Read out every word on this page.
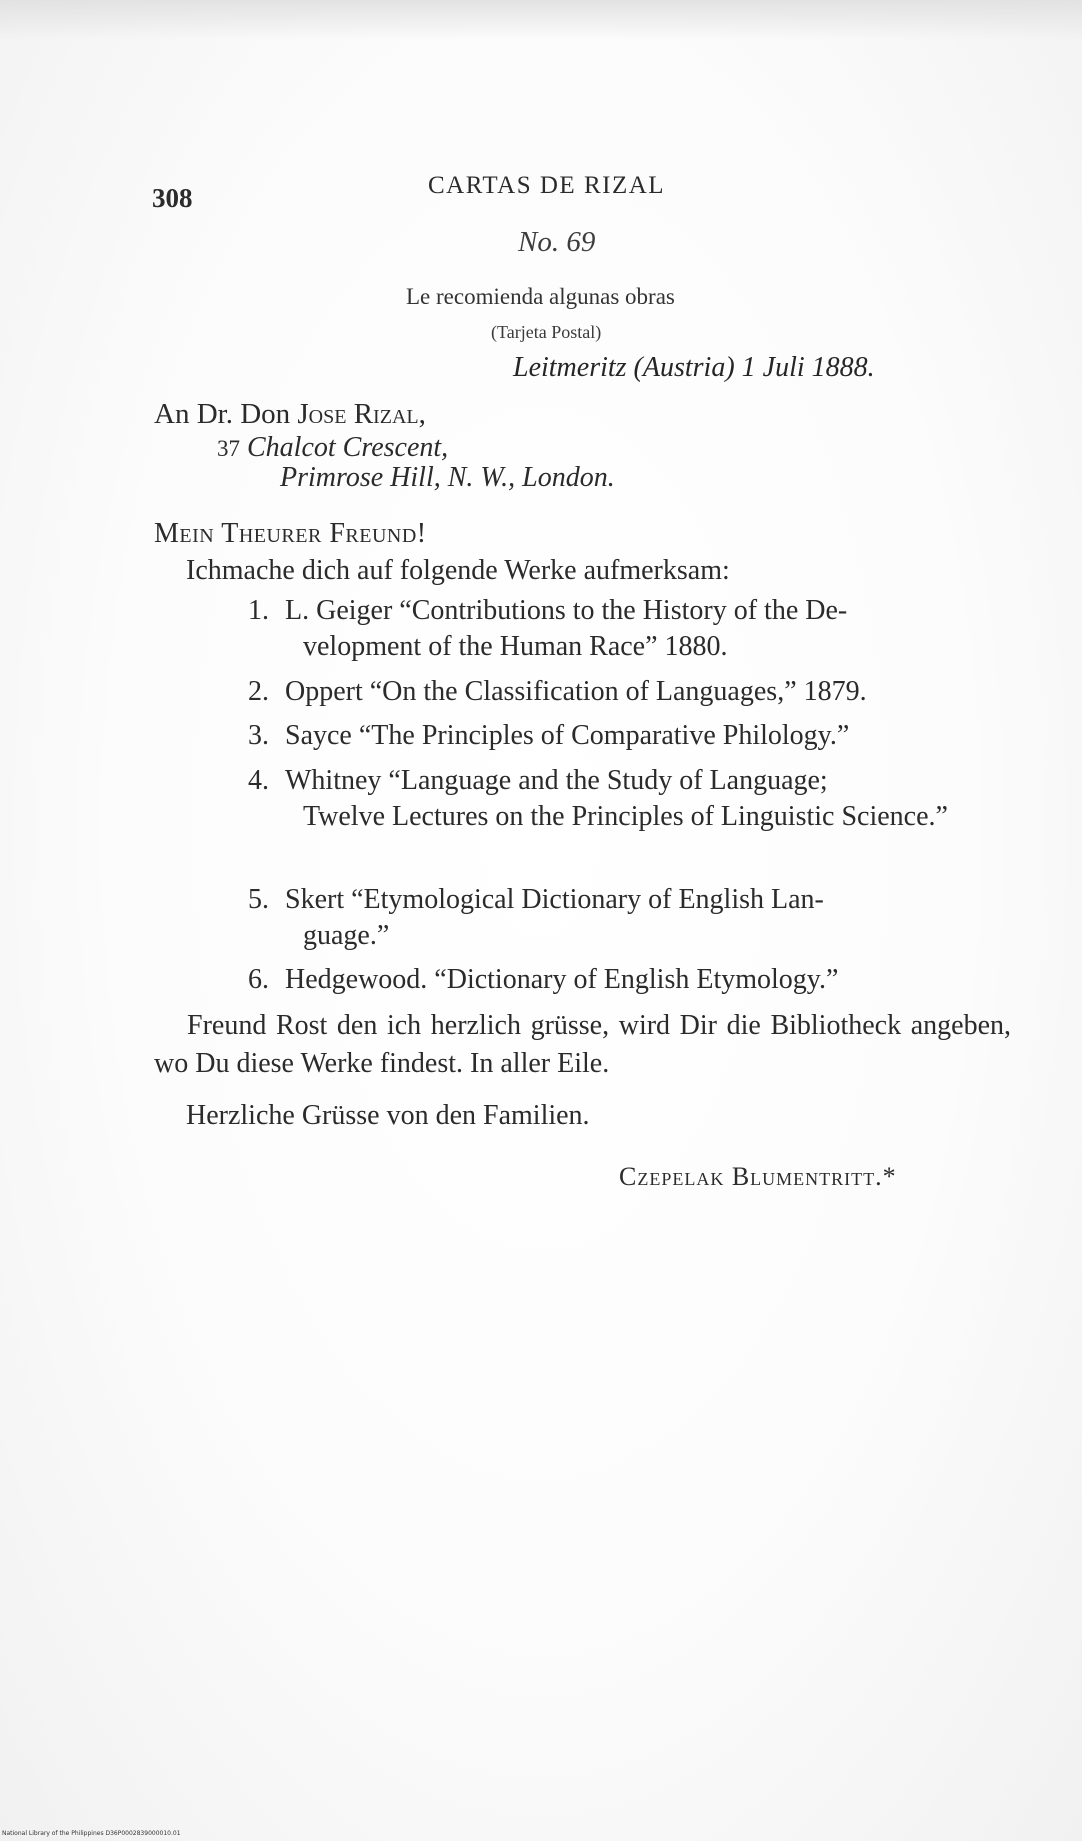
308	CARTAS DE RIZAL
No. 69
Le recomienda algunas obras
(Tarjeta Postal)
Leitmeritz (Austria) 1 Juli 1888.
An Dr. Don Jose Rizal,
37 Chalcot Crescent,
Primrose Hill, N. W., London.
Mein Theurer Freund!
Ichmache dich auf folgende Werke aufmerksam:
1. L. Geiger “Contributions to the History of the De-
velopment of the Human Race” 1880.
2. Oppert “On the Classification of Languages,” 1879.
3. Sayce “The Principles of Comparative Philology.”
4. Whitney “Language and the Study of Language;
Twelve Lectures on the Principles of Linguistic Science.”
5. Skert “Etymological Dictionary of English Lan-
guage.”
6. Hedgewood. “Dictionary of English Etymology.”
Freund Rost den ich herzlich grüsse, wird Dir die Bibliotheck angeben, wo Du diese Werke findest. In aller Eile.
Herzliche Grüsse von den Familien.
Czepelak Blumentritt.*
National Library of the Philippines D36P0002839000010.01
